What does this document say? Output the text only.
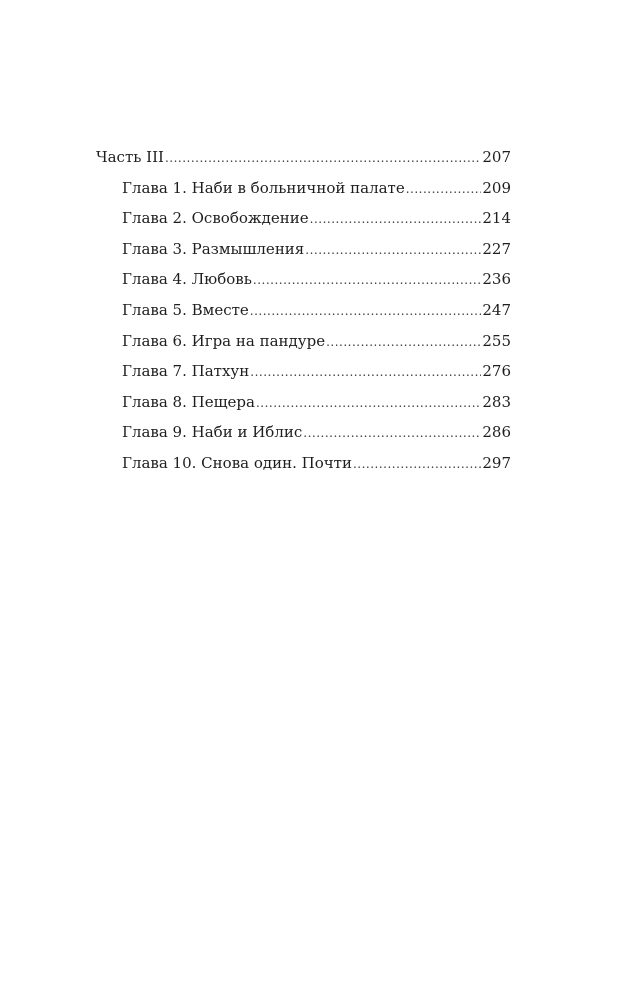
Часть III .....	207
Глава 1. Наби в больничной палате .....	209
Глава 2. Освобождение .....	214
Глава 3. Размышления .....	227
Глава 4. Любовь .....	236
Глава 5. Вместе .....	247
Глава 6. Игра на пандуре .....	255
Глава 7. Патхун .....	276
Глава 8. Пещера .....	283
Глава 9. Наби и Иблис .....	286
Глава 10. Снова один. Почти .....	297
